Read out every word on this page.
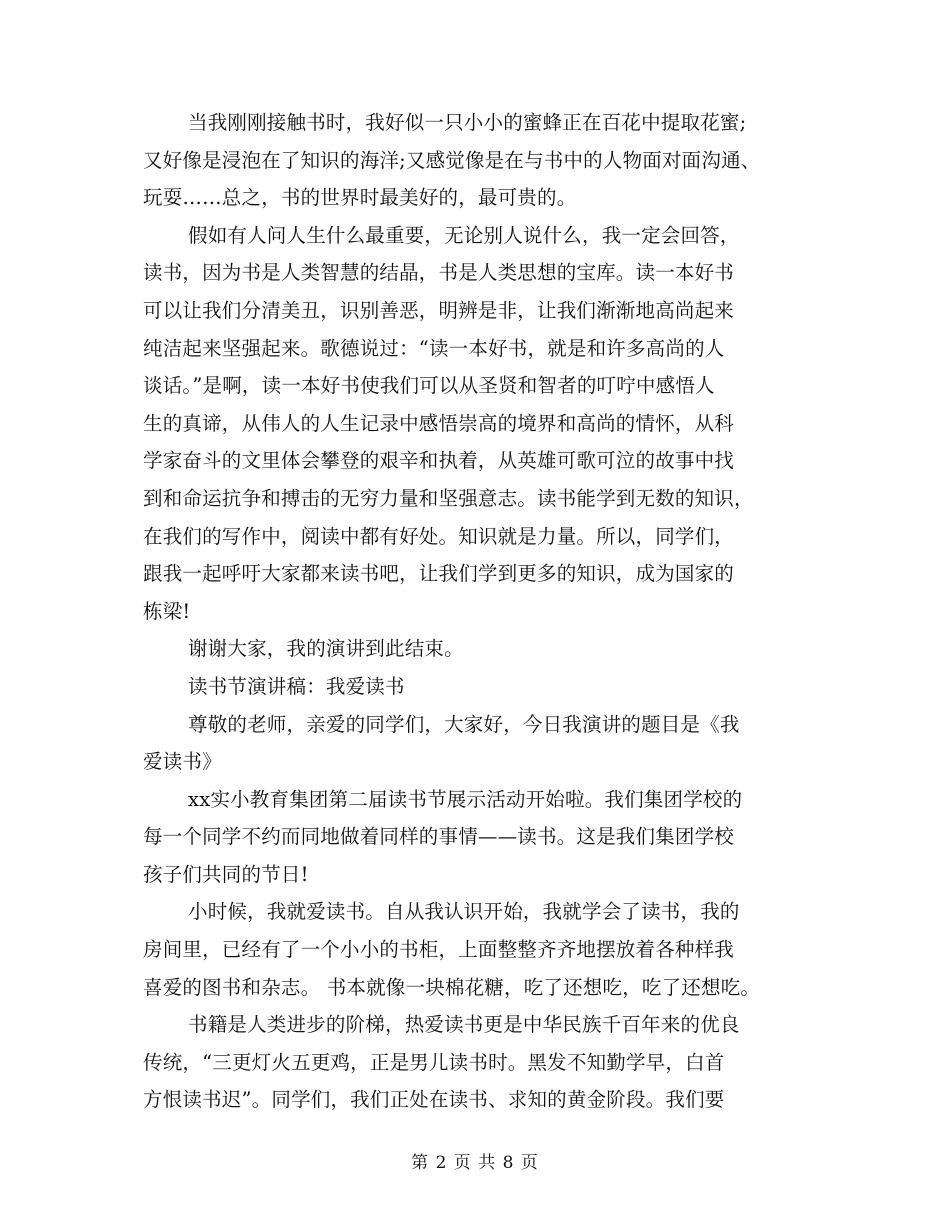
当我刚刚接触书时，我好似一只小小的蜜蜂正在百花中提取花蜜;
又好像是浸泡在了知识的海洋;又感觉像是在与书中的人物面对面沟通、
玩耍……总之，书的世界时最美好的，最可贵的。
假如有人问人生什么最重要，无论别人说什么，我一定会回答，
读书，因为书是人类智慧的结晶，书是人类思想的宝库。读一本好书
可以让我们分清美丑，识别善恶，明辨是非，让我们渐渐地高尚起来
纯洁起来坚强起来。歌德说过：“读一本好书，就是和许多高尚的人
谈话。”是啊，读一本好书使我们可以从圣贤和智者的叮咛中感悟人
生的真谛，从伟人的人生记录中感悟崇高的境界和高尚的情怀，从科
学家奋斗的文里体会攀登的艰辛和执着，从英雄可歌可泣的故事中找
到和命运抗争和搏击的无穷力量和坚强意志。读书能学到无数的知识，
在我们的写作中，阅读中都有好处。知识就是力量。所以，同学们，
跟我一起呼吁大家都来读书吧，让我们学到更多的知识，成为国家的
栋梁!
谢谢大家，我的演讲到此结束。
读书节演讲稿：我爱读书
尊敬的老师，亲爱的同学们，大家好，今日我演讲的题目是《我
爱读书》
xx实小教育集团第二届读书节展示活动开始啦。我们集团学校的
每一个同学不约而同地做着同样的事情——读书。这是我们集团学校
孩子们共同的节日!
小时候，我就爱读书。自从我认识开始，我就学会了读书，我的
房间里，已经有了一个小小的书柜，上面整整齐齐地摆放着各种样我
喜爱的图书和杂志。 书本就像一块棉花糖，吃了还想吃，吃了还想吃。
书籍是人类进步的阶梯，热爱读书更是中华民族千百年来的优良
传统，“三更灯火五更鸡，正是男儿读书时。黑发不知勤学早，白首
方恨读书迟”。同学们，我们正处在读书、求知的黄金阶段。我们要
第 2 页 共 8 页
